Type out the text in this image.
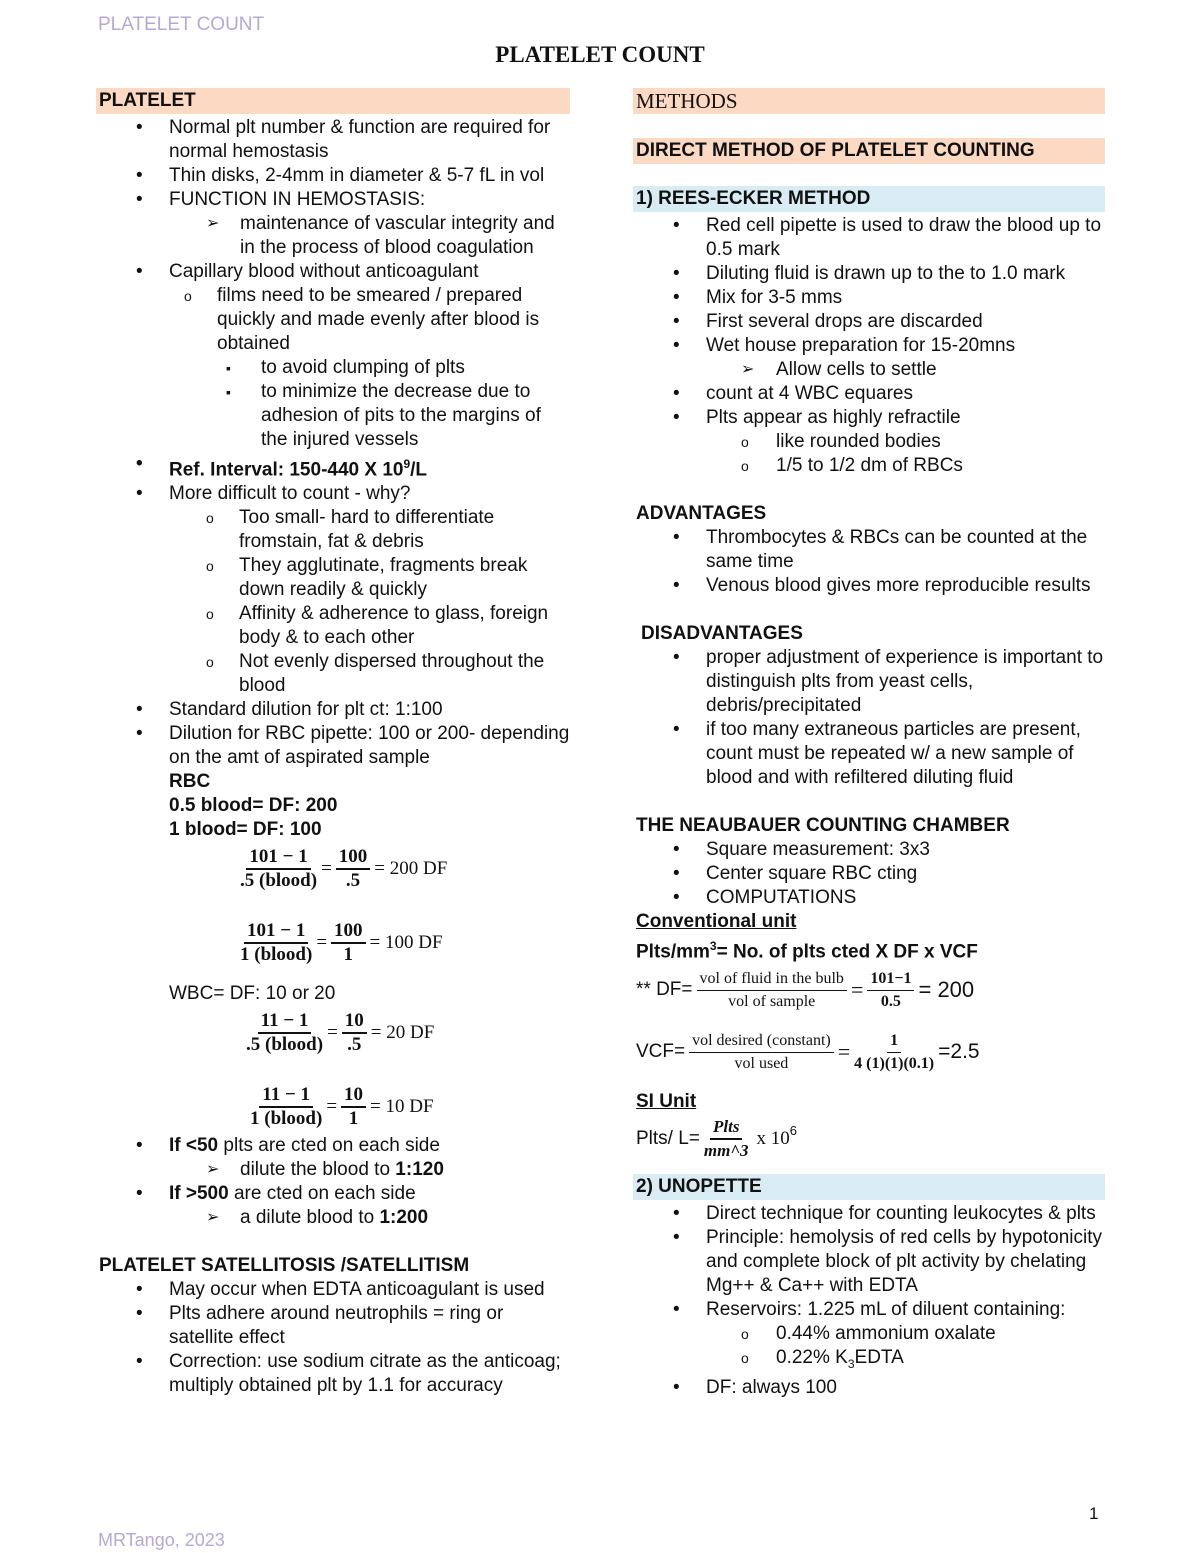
PLATELET COUNT
PLATELET COUNT
PLATELET
• Normal plt number & function are required for normal hemostasis
• Thin disks, 2-4mm in diameter & 5-7 fL in vol
• FUNCTION IN HEMOSTASIS:
➢ maintenance of vascular integrity and in the process of blood coagulation
• Capillary blood without anticoagulant
o films need to be smeared / prepared quickly and made evenly after blood is obtained
▪ to avoid clumping of plts
▪ to minimize the decrease due to adhesion of pits to the margins of the injured vessels
• Ref. Interval: 150-440 X $10^9/L$
• More difficult to count - why?
o Too small- hard to differentiate fromstain, fat & debris
o They agglutinate, fragments break down readily & quickly
o Affinity & adherence to glass, foreign body & to each other
o Not evenly dispersed throughout the blood
• Standard dilution for plt ct: 1:100
• Dilution for RBC pipette: 100 or 200- depending on the amt of aspirated sample
RBC
0.5 blood= DF: 200
1 blood= DF: 100
$\frac{101 - 1}{\text{.5 (blood)}} = \frac{100}{.5} = 200$ DF
$\frac{101 - 1}{\text{1 (blood)}} = \frac{100}{1} = 100$ DF
WBC= DF: 10 or 20
$\frac{11 - 1}{\text{.5 (blood)}} = \frac{10}{.5} = 20$ DF
$\frac{11 - 1}{\text{1 (blood)}} = \frac{10}{1} = 10$ DF
• If <50 plts are cted on each side
➢ dilute the blood to 1:120
• If >500 are cted on each side
➢ a dilute blood to 1:200
PLATELET SATELLITOSIS /SATELLITISM
• May occur when EDTA anticoagulant is used
• Plts adhere around neutrophils = ring or satellite effect
• Correction: use sodium citrate as the anticoag; multiply obtained plt by 1.1 for accuracy
METHODS
DIRECT METHOD OF PLATELET COUNTING
1) REES-ECKER METHOD
• Red cell pipette is used to draw the blood up to 0.5 mark
• Diluting fluid is drawn up to the to 1.0 mark
• Mix for 3-5 mms
• First several drops are discarded
• Wet house preparation for 15-20mns
➢ Allow cells to settle
• count at 4 WBC equares
• Plts appear as highly refractile
o like rounded bodies
o 1/5 to 1/2 dm of RBCs
ADVANTAGES
• Thrombocytes & RBCs can be counted at the same time
• Venous blood gives more reproducible results
DISADVANTAGES
• proper adjustment of experience is important to distinguish plts from yeast cells, debris/precipitated
• if too many extraneous particles are present, count must be repeated w/ a new sample of blood and with refiltered diluting fluid
THE NEAUBAUER COUNTING CHAMBER
• Square measurement: 3x3
• Center square RBC cting
• COMPUTATIONS
Conventional unit
Plts/$mm^3= No$. of plts cted X DF x VCF
** $DF= \frac{\text{vol of fluid in the bulb}}{\text{vol of sample}} = \frac{101-1}{0.5} = 200$
$VCF= \frac{\text{vol desired (constant)}}{\text{vol used}} = \frac{1}{4 (1)(1)(0.1)} =2.5$
SI Unit
Plts/ $L= \frac{\text{Plts}}{mm\^{}3}$ x $10^6$
2) UNOPETTE
• Direct technique for counting leukocytes & plts
• Principle: hemolysis of red cells by hypotonicity and complete block of plt activity by chelating Mg++ & Ca++ with EDTA
• Reservoirs: 1.225 mL of diluent containing:
o 0.44% ammonium oxalate
o 0.22% $K_3EDTA$
• DF: always 100
1
MRTango, 2023
